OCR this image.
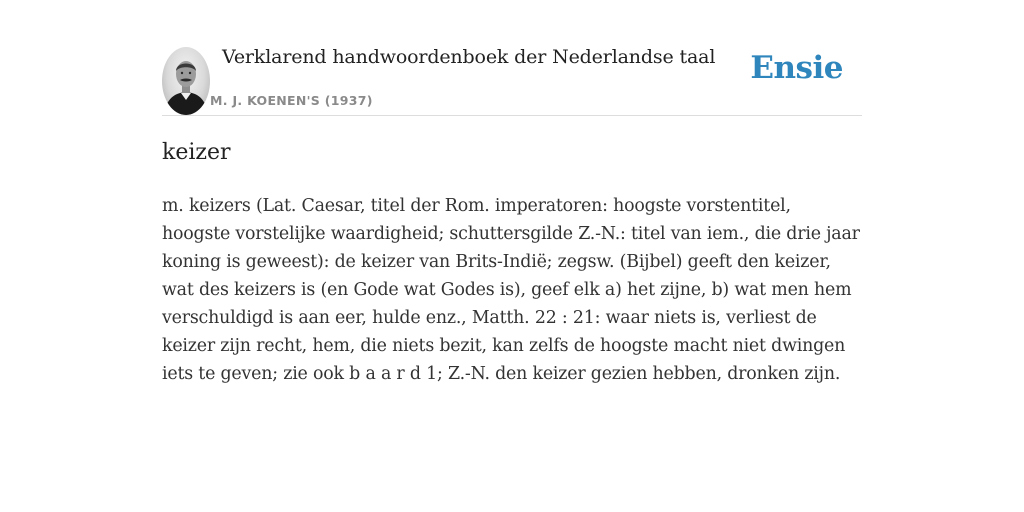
Verklarend handwoordenboek der Nederlandse taal
M. J. KOENEN'S (1937)
Ensie
keizer

m. keizers (Lat. Caesar, titel der Rom. imperatoren: hoogste vorstentitel, hoogste vorstelijke waardigheid; schuttersgilde Z.-N.: titel van iem., die drie jaar koning is geweest): de keizer van Brits-Indië; zegsw. (Bijbel) geeft den keizer, wat des keizers is (en Gode wat Godes is), geef elk a) het zijne, b) wat men hem verschuldigd is aan eer, hulde enz., Matth. 22 : 21: waar niets is, verliest de keizer zijn recht, hem, die niets bezit, kan zelfs de hoogste macht niet dwingen iets te geven; zie ook b a a r d 1; Z.-N. den keizer gezien hebben, dronken zijn.
